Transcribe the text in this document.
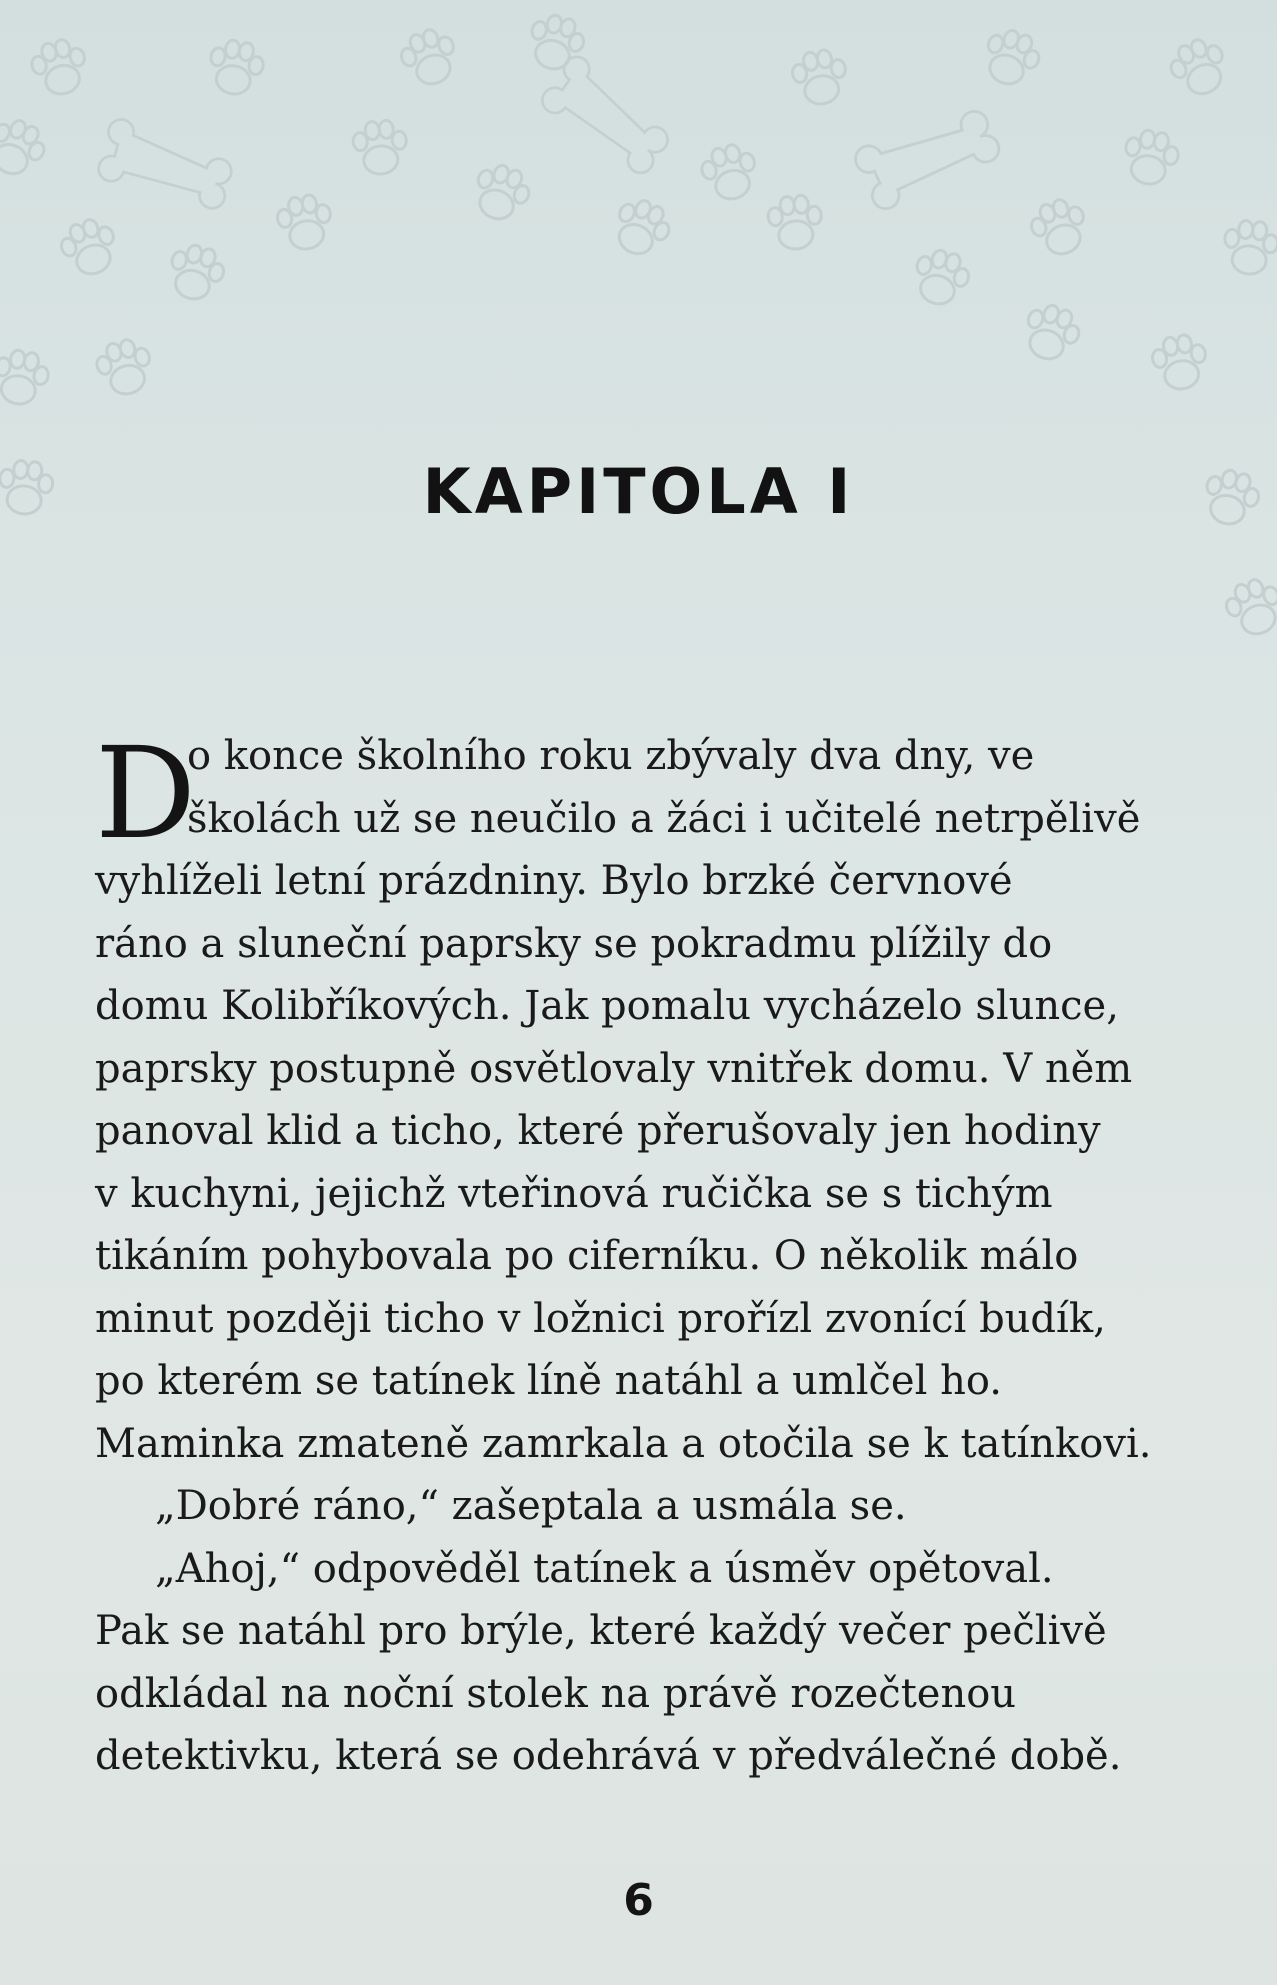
KAPITOLA I
D
o konce školního roku zbývaly dva dny, ve
školách už se neučilo a žáci i učitelé netrpělivě
vyhlíželi letní prázdniny. Bylo brzké červnové
ráno a sluneční paprsky se pokradmu plížily do
domu Kolibříkových. Jak pomalu vycházelo slunce,
paprsky postupně osvětlovaly vnitřek domu. V něm
panoval klid a ticho, které přerušovaly jen hodiny
v kuchyni, jejichž vteřinová ručička se s tichým
tikáním pohybovala po ciferníku. O několik málo
minut později ticho v ložnici prořízl zvonící budík,
po kterém se tatínek líně natáhl a umlčel ho.
Maminka zmateně zamrkala a otočila se k tatínkovi.
„Dobré ráno,“ zašeptala a usmála se.
„Ahoj,“ odpověděl tatínek a úsměv opětoval.
Pak se natáhl pro brýle, které každý večer pečlivě
odkládal na noční stolek na právě rozečtenou
detektivku, která se odehrává v předválečné době.
6
